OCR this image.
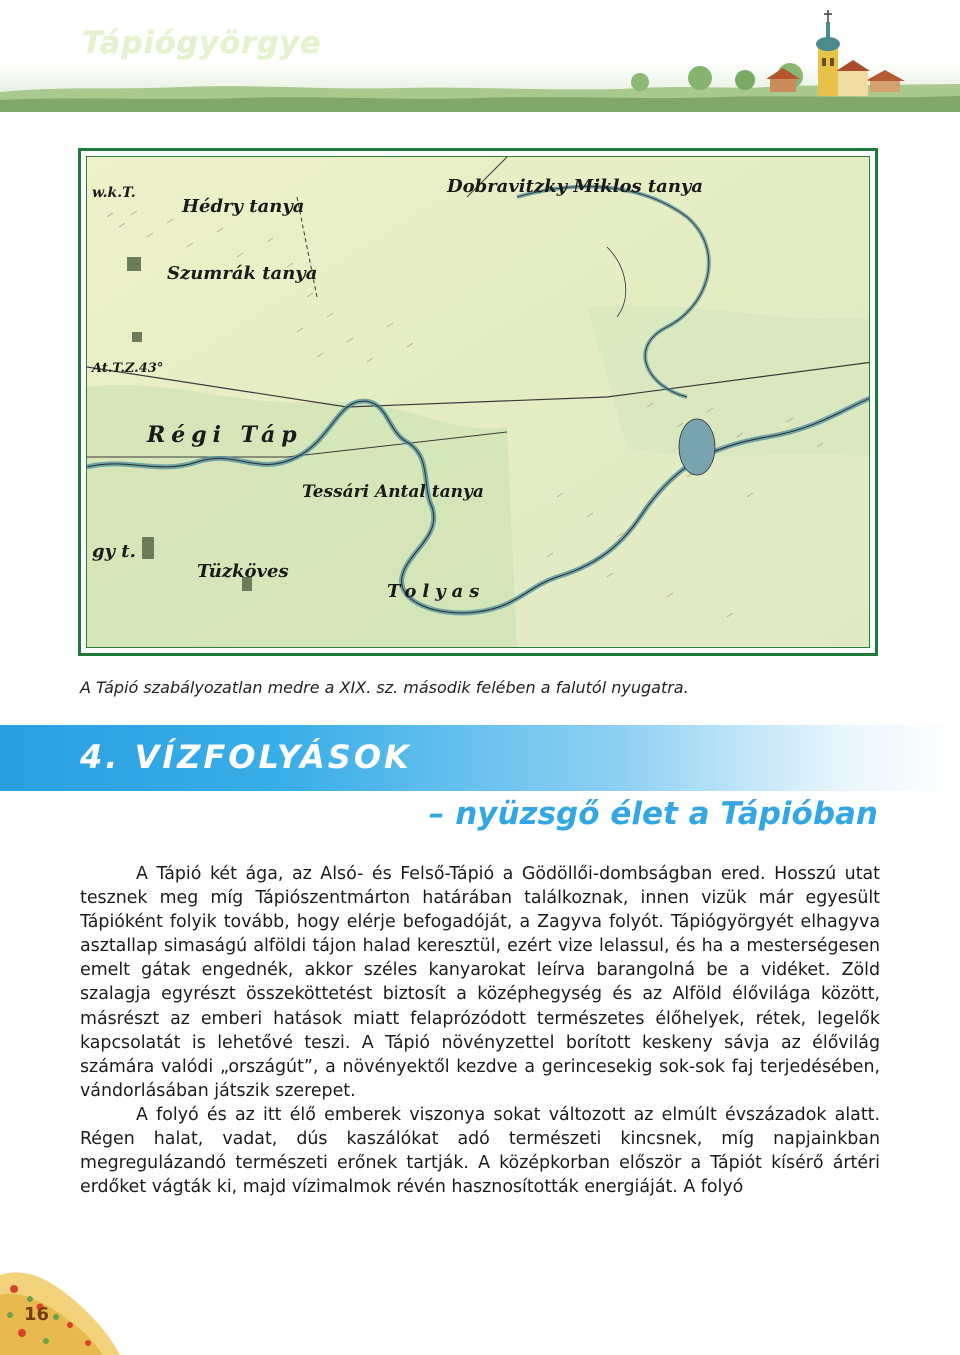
Tápiógyörgye
Hédry tanya
Dobravitzky Miklos tanya
Szumrák tanya
Régi Táp
Tessári Antal tanya
Tüzköves
gy t.
Tolyas
w.k.T.
At.T.Z.43°
A Tápió szabályozatlan medre a XIX. sz. második felében a falutól nyugatra.
4. VÍZFOLYÁSOK
– nyüzsgő élet a Tápióban

A Tápió két ága, az Alsó- és Felső-Tápió a Gödöllői-dombságban ered. Hosszú utat tesznek meg míg Tápiószentmárton határában találkoznak, innen vizük már egyesült Tápióként folyik tovább, hogy elérje befogadóját, a Zagyva folyót. Tápiógyörgyét elhagyva asztallap simaságú alföldi tájon halad keresztül, ezért vize lelassul, és ha a mesterségesen emelt gátak engednék, akkor széles kanyarokat leírva barangolná be a vidéket. Zöld szalagja egyrészt összeköttetést biztosít a középhegység és az Alföld élővilága között, másrészt az emberi hatások miatt felaprózódott természetes élőhelyek, rétek, legelők kapcsolatát is lehetővé teszi. A Tápió növényzettel borított keskeny sávja az élővilág számára valódi „országút”, a növényektől kezdve a gerincesekig sok-sok faj terjedésében, vándorlásában játszik szerepet.

A folyó és az itt élő emberek viszonya sokat változott az elmúlt évszázadok alatt. Régen halat, vadat, dús kaszálókat adó természeti kincsnek, míg napjainkban megregulázandó természeti erőnek tartják. A középkorban először a Tápiót kísérő ártéri erdőket vágták ki, majd vízimalmok révén hasznosították energiáját. A folyó

16
